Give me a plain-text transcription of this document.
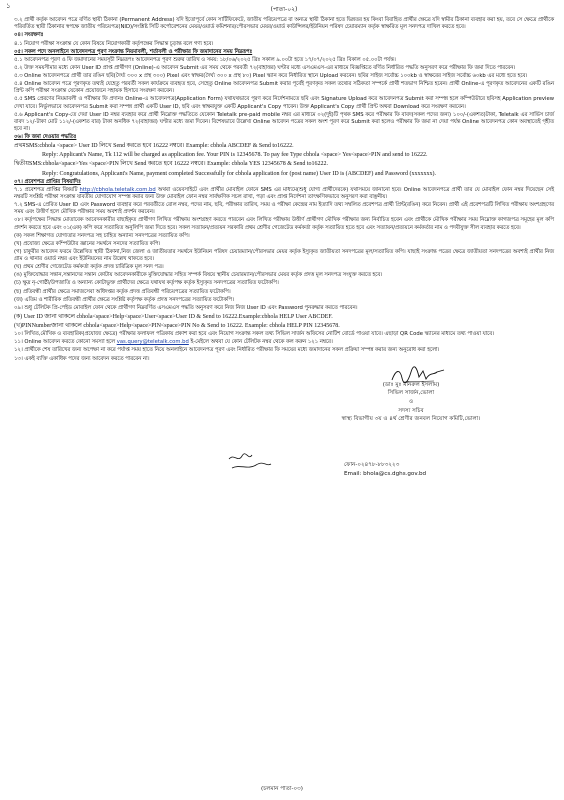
১	(পাতা-০২)

৩.২ প্রার্থী কর্তৃক আবেদন পত্রে বর্ণিত স্থায়ী ঠিকানা (Permanent Address) যদি ইতোপূর্বে কোন সার্টিফিকেটে, জাতীয় পরিচয়পত্রে বা অন্যত্র স্থায়ী ঠিকানা হতে ভিন্নতর হয় কিংবা বিবাহিত প্রার্থীর ক্ষেত্রে যদি স্বামীর ঠিকানা ব্যবহার করা হয়, তবে সে ক্ষেত্রে প্রার্থীকে পরিবর্তিত স্থায়ী ঠিকানার স্বপক্ষে জাতীয় পরিচয়পত্র(NID)/সংশ্লিষ্ট সিটি কর্পোরেশনের মেয়র/ওয়ার্ড কমিশনার/পৌরসভার মেয়র/ওয়ার্ড কাউন্সিলর/ইউনিয়ন পরিষদ চেয়ারম্যান কর্তৃক স্বাক্ষরিত মূল সনদপত্র দাখিল করতে হবে।

০৪। সংরক্ষণঃ

৪.১ নিয়োগ পরীক্ষা সংক্রান্ত যে কোন বিষয়ে নিয়োগকারী কর্তৃপক্ষের সিদ্ধান্ত চূড়ান্ত বলে গণ্য হবে।

০৫। সকল পদে অনলাইনে আবেদনপত্র পূরণ সংক্রান্ত নিয়মাবলী, শর্তাবলী ও পরীক্ষার ফি জমাদানের সময় নিম্নরূপঃ

৫.১ আবেদনপত্র পূরণ ও ফি জমাদানের সময়সূচী নিম্নরূপঃ আবেদনপত্র পূরণ শুরুর তারিখ ও সময়: ১৮/০৬/২০২৫ খ্রিঃ সকাল ৯.০০টা হতে ১৭/০৭/২০২৫ খ্রিঃ বিকাল ০৫.০০টা পর্যন্ত।

৫.২ উক্ত সময়সীমার মধ্যে কোন User ID প্রাপ্ত প্রার্থীগণ (Online)-এ আবেদন Submit এর সময় থেকে পরবর্তী ৭২(বাহাত্তর) ঘণ্টার মধ্যে এসএমএস-এর মাধ্যমে বিজ্ঞপ্তিতে বর্ণিত নির্ধারিত পদ্ধতি অনুসরণ করে পরীক্ষার ফি জমা দিতে পারবেন।

৫.৩ Online আবেদনপত্রে প্রার্থী তার রঙিন ছবি(দৈর্ঘ্য ৩০০ x প্রস্থ ৩০০) Pixel এবং স্বাক্ষর(দৈর্ঘ্য ৩০০ x প্রস্থ ৮০) Pixel স্ক্যান করে নির্ধারিত স্থানে Upload করবেন। ছবির সাইজ সর্বোচ্চ ১০০kb ও স্বাক্ষরের সাইজ সর্বোচ্চ ৬০kb এর মধ্যে হতে হবে।

৫.৪ Online আবেদন পত্রে পূরণকৃত তথ্যই যেহেতু পরবর্তী সকল কার্যক্রমে ব্যবহৃত হবে, সেহেতু Online আবেদনপত্র Submit করার পূর্বেই পূরণকৃত সকল তথ্যের সঠিকতা সম্পর্কে প্রার্থী শতভাগ নিশ্চিত হবেন। প্রার্থী Online-এ পূরণকৃত আবেদনের একটি রঙিন প্রিন্ট কপি পরীক্ষা সংক্রান্ত যেকোন প্রয়োজনে সহায়ক হিসাবে সংরক্ষণ করবেন।

৫.৫ SMS প্রেরণের নিয়মাবলী ও পরীক্ষার ফি প্রদানঃ Online-এ আবেদনপত্র(Application Form) যথাযথভাবে পূরণ করে নির্দেশনামতে ছবি এবং Signature Upload করে আবেদনপত্র Submit করা সম্পন্ন হলে কম্পিউটারে ছবিসহ Application preview দেখা যাবে। নির্ভুলভাবে আবেদনপত্র Submit করা সম্পন্ন প্রার্থী একটি User ID, ছবি এবং স্বাক্ষরযুক্ত একটি Applicant's Copy পাবেন। উক্ত Applicant's Copy প্রার্থী প্রিন্ট অথবা Download করে সংরক্ষণ করবেন।

৫.৬ Applicant's Copy-তে দেয়া User ID নম্বর ব্যবহার করে প্রার্থী নিম্নোক্ত পদ্ধতিতে যেকোন Teletalk pre-paid mobile নম্বর এর মাধ্যমে ০২(দুই)টি পৃথক SMS করে পরীক্ষার ফি বাবদ(সকল পদের জন্য) ১০০/-(একশত)টাকা, Teletalk এর সার্ভিস চার্জ বাবদ ১২/-টাকা মোট ১১২/-(একশত বার) টাকা অনধিক ৭২(বাহাত্তর) ঘণ্টার মধ্যে জমা দিবেন। বিশেষভাবে উল্লেখ্য Online আবেদন পত্রের সকল অংশ পূরণ করে Submit করা হলেও পরীক্ষার ফি জমা না দেয়া পর্যন্ত Online আবেদনপত্র কোন অবস্থাতেই গৃহীত হবে না।

০৬। ফি জমা দেওয়ার পদ্ধতিঃ

প্রথমSMS:cbhola <space> User ID লিখে Send করতে হবে 16222 নম্বরে। Example: cbhola ABCDEF & Send to16222.

Reply: Applicant's Name, Tk 112 will be charged as application fee. Your PIN is 12345678. To pay fee Type cbhola <space> Yes<space>PIN and send to 16222.

দ্বিতীয়SMS:cbhola<space>Yes <space>PIN লিখে Send করতে হবে 16222 নম্বরে। Example: cbhola YES 12345678 & Send to16222.

Reply: Congratulations, Applicant's Name, payment completed Successfully for cbhola application for (post name) User ID is (ABCDEF) and Password (xxxxxxx).

০৭। প্রবেশপত্র প্রাপ্তির বিষয়াদিঃ

৭.১ প্রবেশপত্র প্রাপ্তির বিষয়টি http://cbhola.teletalk.com.bd অথবা ওয়েবসাইটে এবং প্রার্থীর মোবাইল ফোনে SMS এর মাধ্যমে(শুধু যোগ্য প্রার্থীদেরকে) যথাসময়ে জানানো হবে। Online আবেদনপত্রে প্রার্থী তার যে মোবাইল ফোন নম্বর দিয়েছেন সেই নম্বরটি সংশ্লিষ্ট পরীক্ষা সংক্রান্ত যাবতীয় যোগাযোগ সম্পন্ন করার জন্য উক্ত মোবাইল ফোন নম্বর সার্বক্ষণিক সচল রাখা, পড়া এবং প্রাপ্ত নির্দেশনা তাৎক্ষণিকভাবে অনুসরণ করা বাঞ্ছনীয়।

৭.২ SMS-এ প্রেরিত User ID এবং Password ব্যবহার করে পরবর্তীতে রোল নম্বর, পদের নাম, ছবি, পরীক্ষার তারিখ, সময় ও পরীক্ষা কেন্দ্রের নাম ইত্যাদি তথ্য সম্বলিত প্রবেশপত্র প্রার্থী প্রিন্ট(রঙিন) করে নিবেন। প্রার্থী এই প্রবেশপত্রটি লিখিত পরীক্ষায় অংশগ্রহণের সময় এবং উত্তীর্ণ হলে মৌখিক পরীক্ষার সময় অবশ্যই প্রদর্শন করবেন।

০৮। কর্তৃপক্ষের সিদ্ধান্ত মোতাবেক আবেদনকারীর বাছাইকৃত প্রার্থীগণ লিখিত পরীক্ষায় অংশগ্রহণ করতে পারবেন এবং লিখিত পরীক্ষায় উত্তীর্ণ প্রার্থীগণ মৌখিক পরীক্ষার জন্য নির্বাচিত হবেন এবং প্রার্থীকে মৌখিক পরীক্ষার সময় নিম্নোক্ত কাগজপত্র সমূহের মূল কপি প্রদর্শন করতে হবে এবং ০১(এক) কপি করে সত্যায়িত অনুলিপি জমা দিতে হবে। সকল সত্যায়ন/প্রত্যয়ন সরকারি প্রথম শ্রেণীর গেজেটেড কর্মকর্তা কর্তৃক সত্যায়িত হতে হবে এবং সত্যায়ন/প্রত্যয়নে কর্মকর্তার নাম ও পদবীযুক্ত সীল ব্যবহার করতে হবে।

(ক) সকল শিক্ষাগত যোগ্যতার সনদপত্র সহ চাহিত অন্যান্য সনদপত্রের সত্যায়িত কপি।

(খ) প্রযোজ্য ক্ষেত্রে কম্পিউটার জ্ঞানের সমর্থনে সনদের সত্যায়িত কপি।

(গ) চাকুরীর আবেদন ফরমে উল্লেখিত স্থায়ী ঠিকানা,নিজ জেলা ও জাতীয়তার সমর্থনে ইউনিয়ন পরিষদ চেয়ারম্যান/পৌরসভার মেয়র কর্তৃক ইস্যুকৃত জাতীয়তা সনদপত্রের মূল/সত্যায়িত কপি। যাছাই সংক্রান্ত পত্রের ক্ষেত্রে জাতীয়তা সনদপত্রের অবশ্যই প্রার্থীর নিজ গ্রাম ও থানার ওয়ার্ড নম্বর এবং ইউনিয়নের নাম উল্লেখ থাকতে হবে।

(ঘ) প্রথম শ্রেণীর গেজেটেড কর্মকর্তা কর্তৃক প্রদত্ত চারিত্রিক মূল সনদ পত্র।

(ঙ) মুক্তিযোদ্ধার সন্তান,সন্তানদের সন্তান কোটায় আবেদনকারীকে মুক্তিযোদ্ধার সহিত সম্পর্ক বিষয়ে স্থানীয় চেয়ারম্যান/পৌরসভার মেয়র কর্তৃক প্রদত্ত মূল সনদপত্র সংযুক্ত করতে হবে।

(চ) ক্ষুদ্র নৃ-গোষ্ঠী/উপজাতি ও অন্যান্য কোটাভুক্ত প্রার্থীদের ক্ষেত্রে যথাযথ কর্তৃপক্ষ কর্তৃক ইস্যুকৃত সনদপত্রের সত্যায়িত ফটোকপি।

(ছ) প্রতিবন্ধী প্রার্থীর ক্ষেত্রে সমাজসেবা অধিদপ্তর কর্তৃক প্রদত্ত প্রতিবন্ধী পরিচয়পত্রের সত্যায়িত ফটোকপি।

(জ) এতিম ও শারীরিক প্রতিবন্ধী প্রার্থীর ক্ষেত্রে সংশ্লিষ্ট কর্তৃপক্ষ কর্তৃক প্রদত্ত সনদপত্রের সত্যায়িত ফটোকপি।

০৯। শুধু টেলিটক প্রি-পেইড মোবাইল ফোন থেকে প্রার্থীগণ নিম্নবর্ণিত এসএমএস পদ্ধতি অনুসরণ করে নিজ নিজ User ID এবং Password পুনরুদ্ধার করতে পারবেন।

(ক) User ID জানা থাকলে cbhola<space>Help<space>User<space>User ID & Send to 16222.Example:cbhola HELP User ABCDEF.

(খ)PINNumberজানা থাকলে cbhola<space>Help<space>PIN<space>PIN No & Send to 16222. Example: cbhola HELP PIN 12345678.

১০। লিখিত,মৌখিক ও ব্যবহারিক(প্রযোজ্য ক্ষেত্রে) পরীক্ষার ফলাফল পত্রিকায় প্রকাশ করা হবে এবং নিয়োগ সংক্রান্ত সকল তথ্য সিভিল সার্জন অফিসের নোটিশ বোর্ডে পাওয়া যাবে। এছাড়া QR Code স্ক্যানের মাধ্যমে তথ্য পাওয়া যাবে।

১১। Online আবেদন করতে কোনো সমস্যা হলে vas.query@teletalk.com.bd ই-মেইলে অথবা যে কোন টেলিটক নম্বর থেকে কল করুন ১২১ নম্বরে।

১২। প্রার্থীকে শেষ তারিখের জন্য অপেক্ষা না করে পর্যাপ্ত সময় হাতে নিয়ে অনলাইনে আবেদনপত্র পূরণ এবং নির্ধারিত পরীক্ষার ফি সময়ের মধ্যে জমাদানের সকল প্রক্রিয়া সম্পন্ন করার জন্য অনুরোধ করা হলো।

১৩। একই ব্যক্তি একাধিক পদের জন্য আবেদন করতে পারবেন না।

(ডাঃ মুঃ মনিরুল ইসলাম)
সিভিল সার্জন,ভোলা
ও
সদস্য সচিব
স্বাস্থ্য বিভাগীয় ৩য় ও ৪র্থ শ্রেণীর জনবল নিয়োগ কমিটি,ভোলা।
ফোন-০২৪৭৮-৮৮৩২২৩
Email: bhola@cs.dghs.gov.bd
(চলমান পাতা-০৩)
